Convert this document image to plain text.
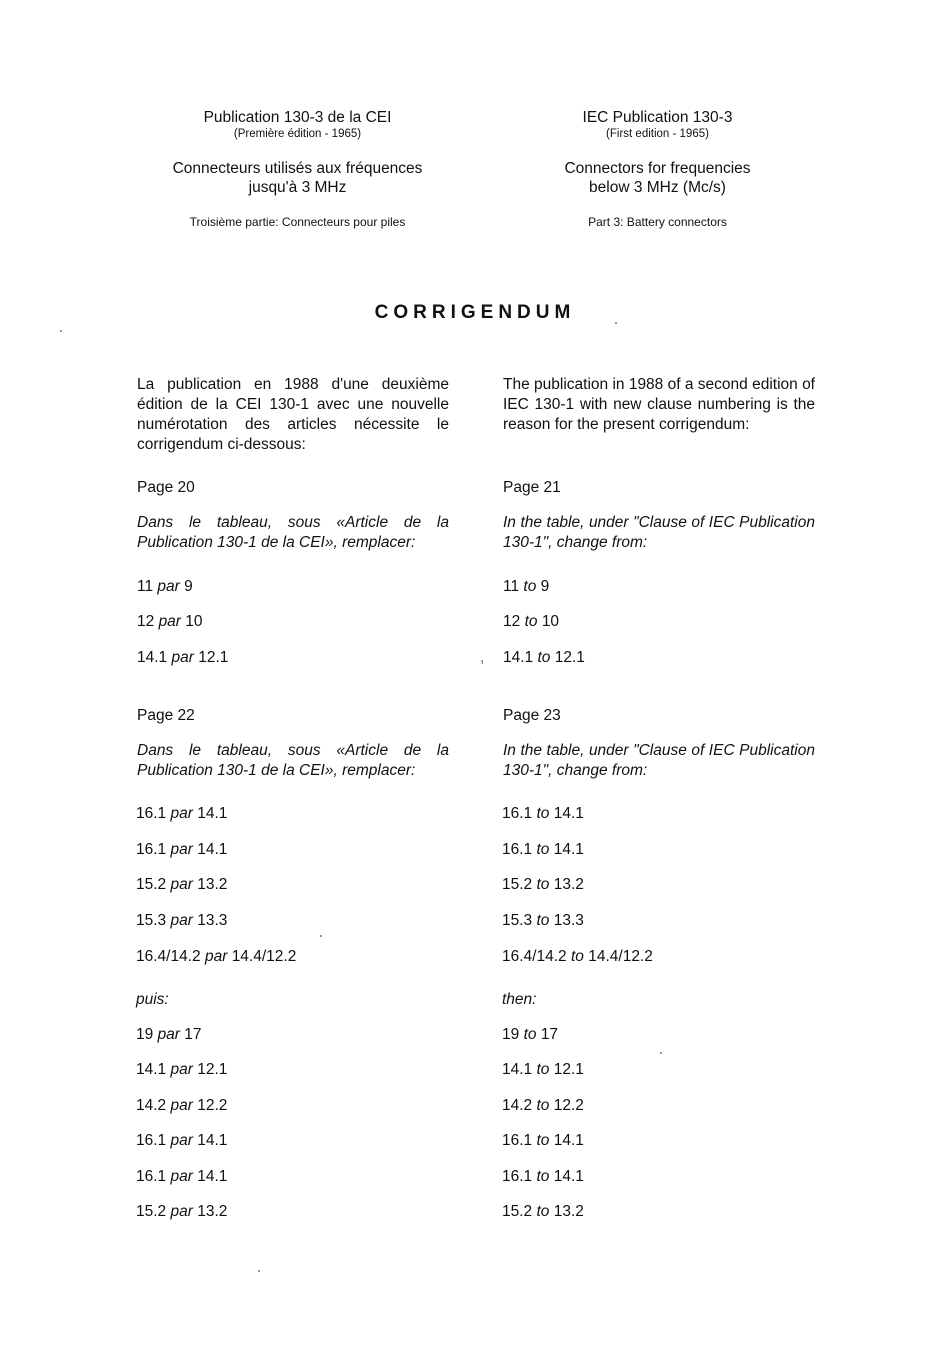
Publication 130-3 de la CEI
(Première édition - 1965)
Connecteurs utilisés aux fréquences
jusqu'à 3 MHz
Troisième partie: Connecteurs pour piles
IEC Publication 130-3
(First edition - 1965)
Connectors for frequencies
below 3 MHz (Mc/s)
Part 3: Battery connectors
CORRIGENDUM
La publication en 1988 d'une deuxième édition de la CEI 130-1 avec une nouvelle numérotation des articles nécessite le corrigendum ci-dessous:
The publication in 1988 of a second edition of IEC 130-1 with new clause numbering is the reason for the present corrigendum:
Page 20	Page 21
Dans le tableau, sous «Article de la Publication 130-1 de la CEI», remplacer:
In the table, under "Clause of IEC Publication 130-1", change from:
11 par 9	11 to 9
12 par 10	12 to 10
14.1 par 12.1	, 14.1 to 12.1
Page 22	Page 23
Dans le tableau, sous «Article de la Publication 130-1 de la CEI», remplacer:
In the table, under "Clause of IEC Publication 130-1", change from:
16.1 par 14.1	16.1 to 14.1
16.1 par 14.1	16.1 to 14.1
15.2 par 13.2	15.2 to 13.2
15.3 par 13.3	15.3 to 13.3
16.4/14.2 par 14.4/12.2	16.4/14.2 to 14.4/12.2
puis:	then:
19 par 17	19 to 17
14.1 par 12.1	14.1 to 12.1
14.2 par 12.2	14.2 to 12.2
16.1 par 14.1	16.1 to 14.1
16.1 par 14.1	16.1 to 14.1
15.2 par 13.2	15.2 to 13.2
